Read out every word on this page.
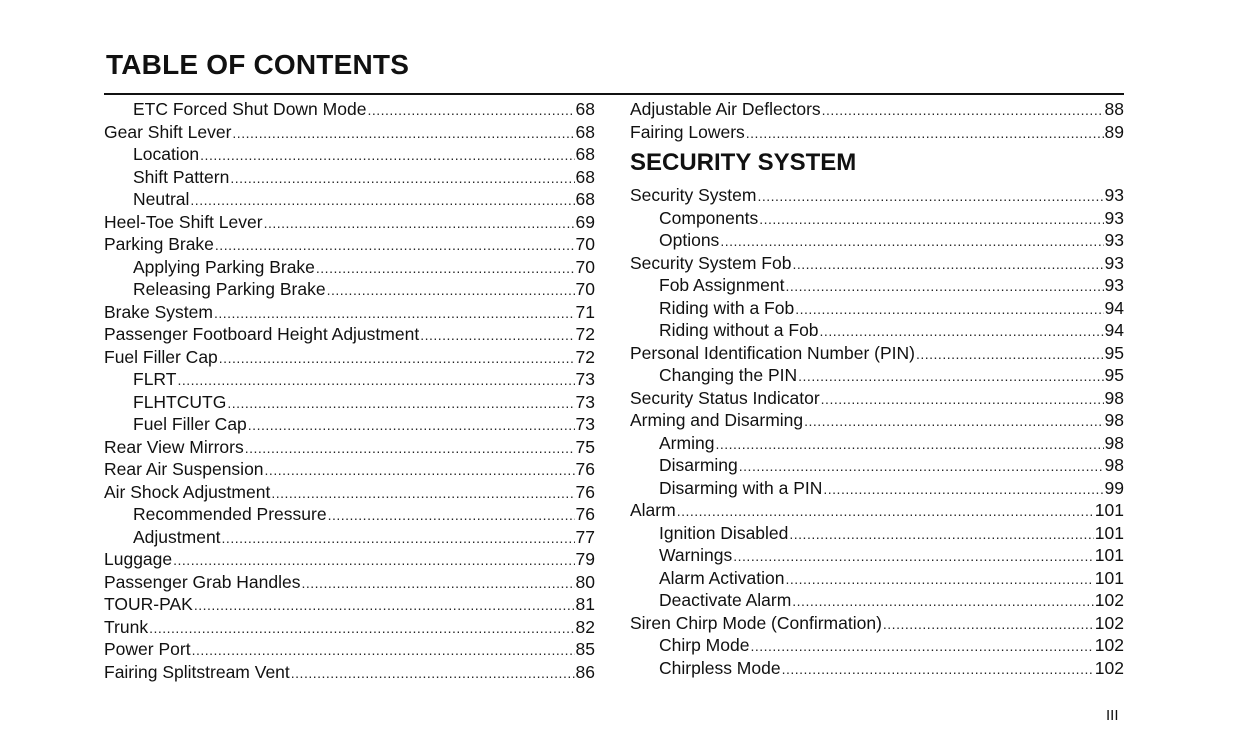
TABLE OF CONTENTS
ETC Forced Shut Down Mode .....	68
Gear Shift Lever .....	68
Location .....	68
Shift Pattern .....	68
Neutral .....	68
Heel-Toe Shift Lever .....	69
Parking Brake .....	70
Applying Parking Brake .....	70
Releasing Parking Brake .....	70
Brake System .....	71
Passenger Footboard Height Adjustment .....	72
Fuel Filler Cap .....	72
FLRT .....	73
FLHTCUTG .....	73
Fuel Filler Cap .....	73
Rear View Mirrors .....	75
Rear Air Suspension .....	76
Air Shock Adjustment .....	76
Recommended Pressure .....	76
Adjustment .....	77
Luggage .....	79
Passenger Grab Handles .....	80
TOUR-PAK .....	81
Trunk .....	82
Power Port .....	85
Fairing Splitstream Vent .....	86
Adjustable Air Deflectors .....	88
Fairing Lowers .....	89
SECURITY SYSTEM
Security System .....	93
Components .....	93
Options .....	93
Security System Fob .....	93
Fob Assignment .....	93
Riding with a Fob .....	94
Riding without a Fob .....	94
Personal Identification Number (PIN) .....	95
Changing the PIN .....	95
Security Status Indicator .....	98
Arming and Disarming .....	98
Arming .....	98
Disarming .....	98
Disarming with a PIN .....	99
Alarm .....	101
Ignition Disabled .....	101
Warnings .....	101
Alarm Activation .....	101
Deactivate Alarm .....	102
Siren Chirp Mode (Confirmation) .....	102
Chirp Mode .....	102
Chirpless Mode .....	102
III
